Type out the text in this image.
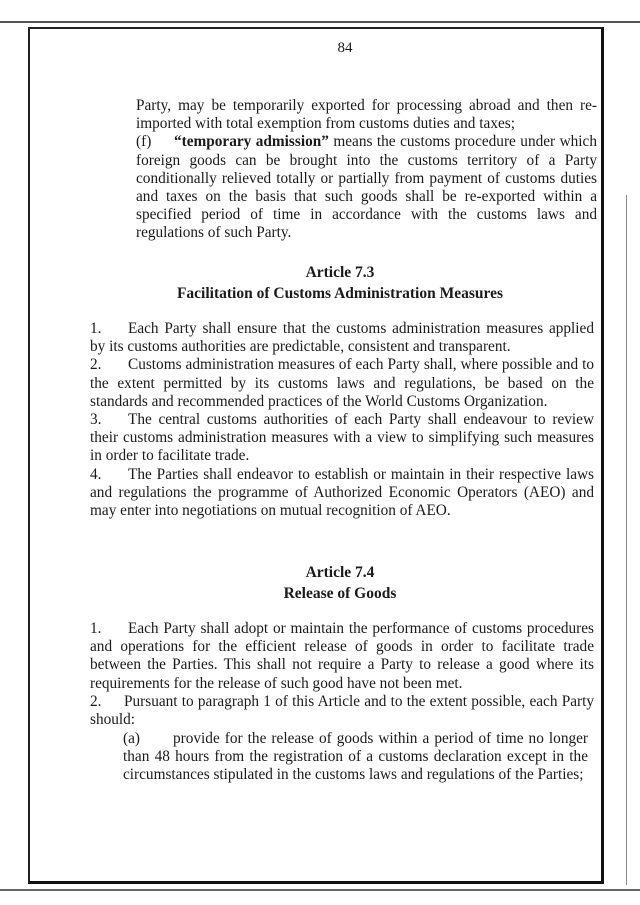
84

Party, may be temporarily exported for processing abroad and then re-imported with total exemption from customs duties and taxes;

(f) “temporary admission” means the customs procedure under which foreign goods can be brought into the customs territory of a Party conditionally relieved totally or partially from payment of customs duties and taxes on the basis that such goods shall be re-exported within a specified period of time in accordance with the customs laws and regulations of such Party.

Article 7.3
Facilitation of Customs Administration Measures

1. Each Party shall ensure that the customs administration measures applied by its customs authorities are predictable, consistent and transparent.

2. Customs administration measures of each Party shall, where possible and to the extent permitted by its customs laws and regulations, be based on the standards and recommended practices of the World Customs Organization.

3. The central customs authorities of each Party shall endeavour to review their customs administration measures with a view to simplifying such measures in order to facilitate trade.

4. The Parties shall endeavor to establish or maintain in their respective laws and regulations the programme of Authorized Economic Operators (AEO) and may enter into negotiations on mutual recognition of AEO.

Article 7.4
Release of Goods

1. Each Party shall adopt or maintain the performance of customs procedures and operations for the efficient release of goods in order to facilitate trade between the Parties. This shall not require a Party to release a good where its requirements for the release of such good have not been met.

2. Pursuant to paragraph 1 of this Article and to the extent possible, each Party should:

(a) provide for the release of goods within a period of time no longer than 48 hours from the registration of a customs declaration except in the circumstances stipulated in the customs laws and regulations of the Parties;
